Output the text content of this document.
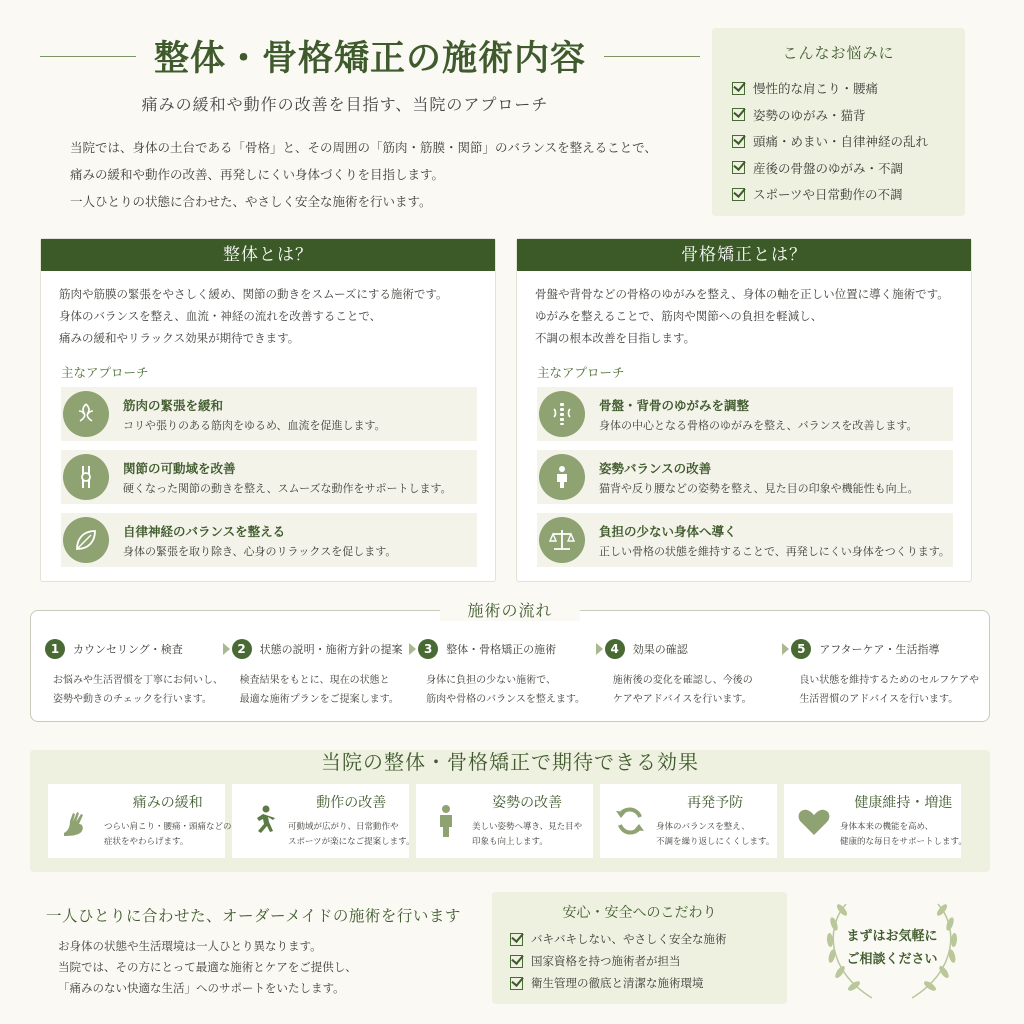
整体・骨格矯正の施術内容
痛みの緩和や動作の改善を目指す、当院のアプローチ
当院では、身体の土台である「骨格」と、その周囲の「筋肉・筋膜・関節」のバランスを整えることで、
痛みの緩和や動作の改善、再発しにくい身体づくりを目指します。
一人ひとりの状態に合わせた、やさしく安全な施術を行います。
こんなお悩みに
慢性的な肩こり・腰痛
姿勢のゆがみ・猫背
頭痛・めまい・自律神経の乱れ
産後の骨盤のゆがみ・不調
スポーツや日常動作の不調
整体とは？
筋肉や筋膜の緊張をやさしく緩め、関節の動きをスムーズにする施術です。
身体のバランスを整え、血流・神経の流れを改善することで、
痛みの緩和やリラックス効果が期待できます。
主なアプローチ
筋肉の緊張を緩和
コリや張りのある筋肉をゆるめ、血流を促進します。
関節の可動域を改善
硬くなった関節の動きを整え、スムーズな動作をサポートします。
自律神経のバランスを整える
身体の緊張を取り除き、心身のリラックスを促します。
骨格矯正とは？
骨盤や背骨などの骨格のゆがみを整え、身体の軸を正しい位置に導く施術です。
ゆがみを整えることで、筋肉や関節への負担を軽減し、
不調の根本改善を目指します。
主なアプローチ
骨盤・背骨のゆがみを調整
身体の中心となる骨格のゆがみを整え、バランスを改善します。
姿勢バランスの改善
猫背や反り腰などの姿勢を整え、見た目の印象や機能性も向上。
負担の少ない身体へ導く
正しい骨格の状態を維持することで、再発しにくい身体をつくります。
1	カウンセリング・検査
お悩みや生活習慣を丁寧にお伺いし、
姿勢や動きのチェックを行います。
2	状態の説明・施術方針の提案
検査結果をもとに、現在の状態と
最適な施術プランをご提案します。
3	整体・骨格矯正の施術
身体に負担の少ない施術で、
筋肉や骨格のバランスを整えます。
4	効果の確認
施術後の変化を確認し、今後の
ケアやアドバイスを行います。
5	アフターケア・生活指導
良い状態を維持するためのセルフケアや
生活習慣のアドバイスを行います。
施術の流れ
当院の整体・骨格矯正で期待できる効果
痛みの緩和
つらい肩こり・腰痛・頭痛などの
症状をやわらげます。
動作の改善
可動域が広がり、日常動作や
スポーツが楽になご提案します。
姿勢の改善
美しい姿勢へ導き、見た目や
印象も向上します。
再発予防
身体のバランスを整え、
不調を繰り返しにくくします。
健康維持・増進
身体本来の機能を高め、
健康的な毎日をサポートします。
一人ひとりに合わせた、オーダーメイドの施術を行います
お身体の状態や生活環境は一人ひとり異なります。
当院では、その方にとって最適な施術とケアをご提供し、
「痛みのない快適な生活」へのサポートをいたします。
安心・安全へのこだわり
バキバキしない、やさしく安全な施術
国家資格を持つ施術者が担当
衛生管理の徹底と清潔な施術環境
まずはお気軽に
ご相談ください
